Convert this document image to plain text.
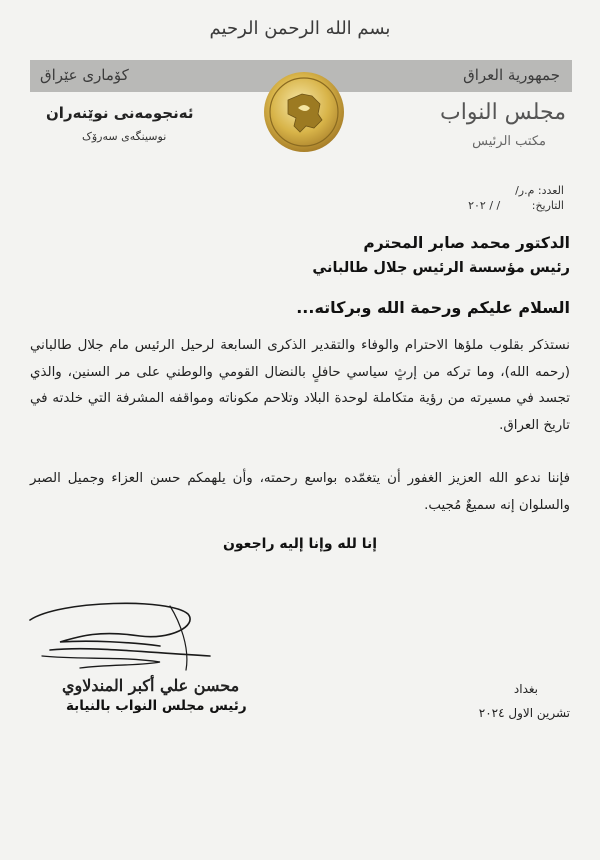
بسم الله الرحمن الرحيم
كۆماری عێراق	جمهورية العراق
ئەنجومەنی نوێنەران
نوسینگەی سەرۆک
مجلس النواب
مكتب الرئيس
العدد: م.ر/
التاريخ: / / ٢٠٢
الدكتور محمد صابر المحترم
رئيس مؤسسة الرئيس جلال طالباني
السلام عليكم ورحمة الله وبركاته...
نستذكر بقلوب ملؤها الاحترام والوفاء والتقدير الذكرى السابعة لرحيل الرئيس مام جلال طالباني (رحمه الله)، وما تركه من إرثٍ سياسي حافلٍ بالنضال القومي والوطني على مر السنين، والذي تجسد في مسيرته من رؤية متكاملة لوحدة البلاد وتلاحم مكوناته ومواقفه المشرفة التي خلدته في تاريخ العراق.
فإننا ندعو الله العزيز الغفور أن يتغمّده بواسع رحمته، وأن يلهمكم حسن العزاء وجميل الصبر والسلوان إنه سميعٌ مُجيب.
إنا لله وإنا إليه راجعون
محسن علي أكبر المندلاوي
رئيس مجلس النواب بالنيابة
بغداد
تشرين الاول ٢٠٢٤
